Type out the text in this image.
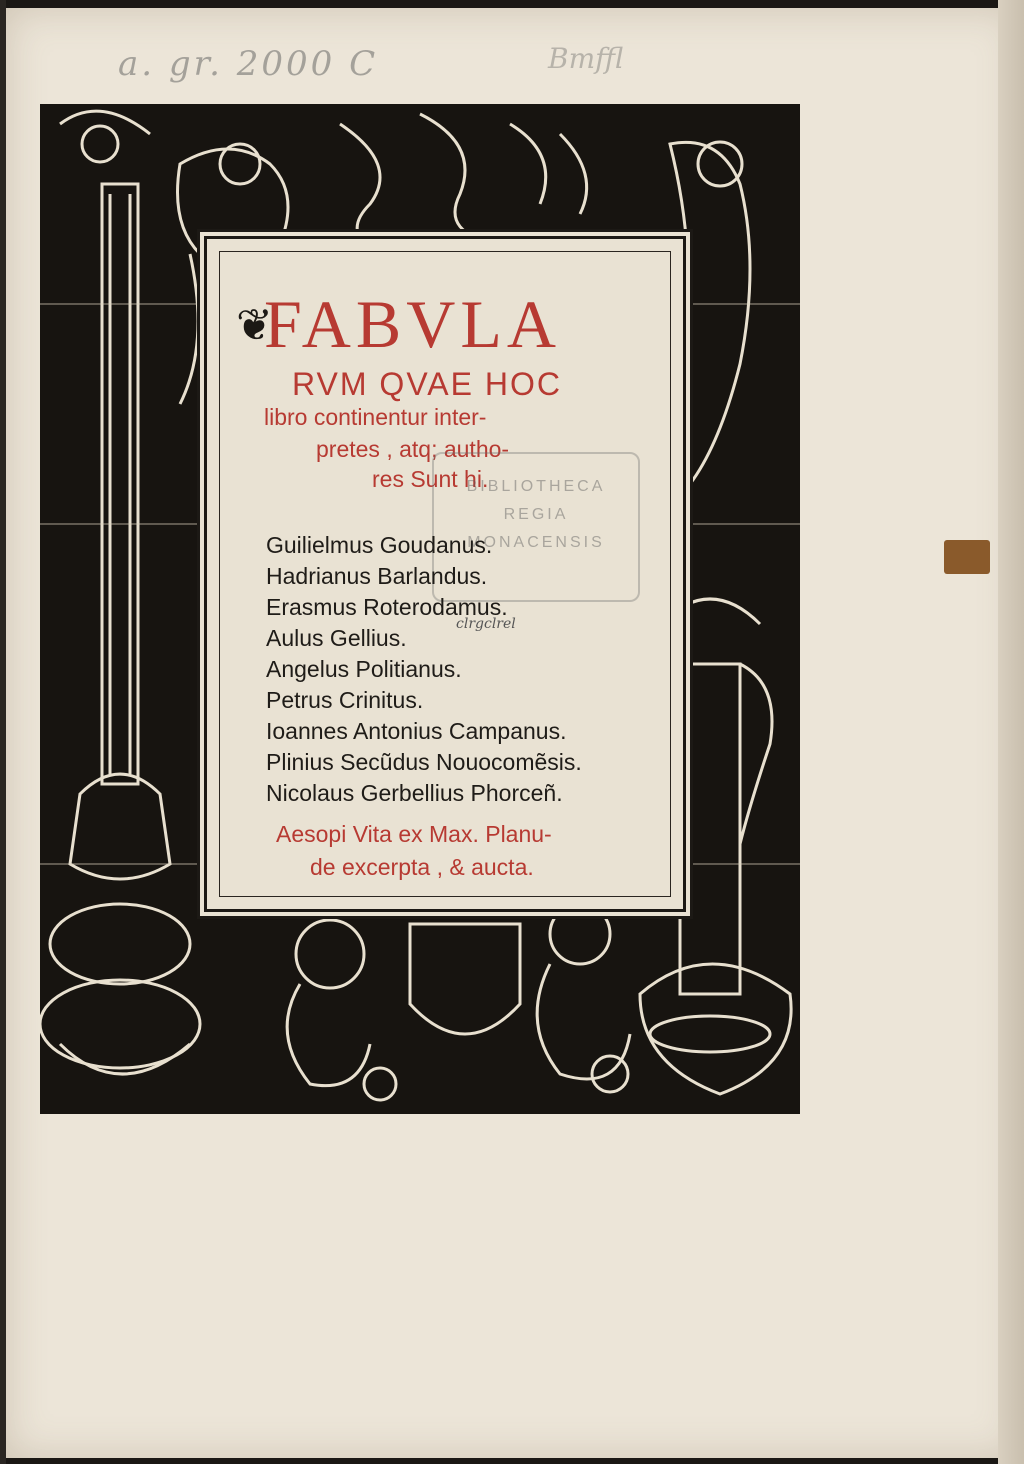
a. gr. 2000 C	Bmffl
❦
FABVLA
RVM QVAE HOC
libro continentur inter-
pretes , atq; autho-
res Sunt hi.
BIBLIOTHECA
REGIA
MONACENSIS
Guilielmus Goudanus.
Hadrianus Barlandus.
Erasmus Roterodamus.
Aulus Gellius.
Angelus Politianus.
Petrus Crinitus.
Ioannes Antonius Campanus.
Plinius Secũdus Nouocomẽsis.
Nicolaus Gerbellius Phorceñ.
clrgclrel
Aesopi Vita ex Max. Planu-
de excerpta , & aucta.
